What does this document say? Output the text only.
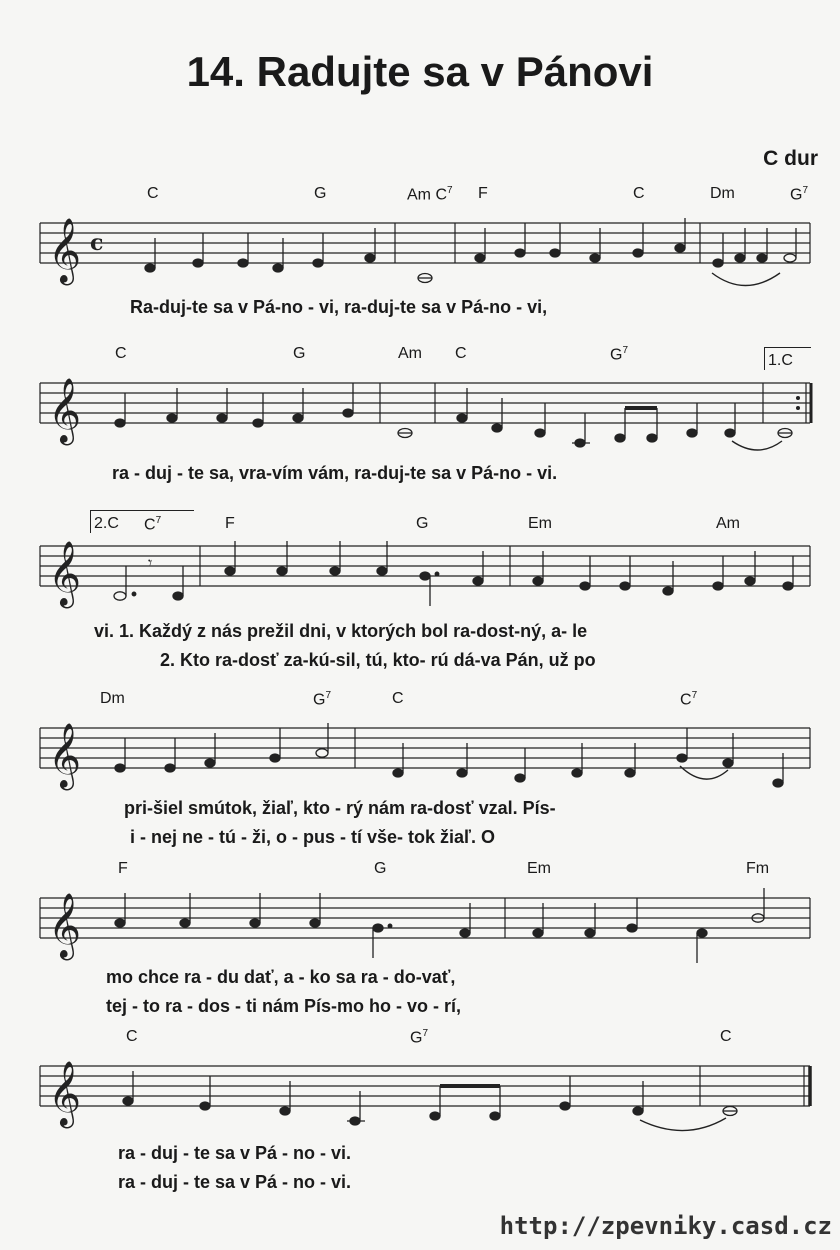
14. Radujte sa v Pánovi
C dur
C	G	Am $C^7$ F	C	Dm	$G^7$
𝄞 c
Ra-duj-te sa v Pá-no - vi, ra-duj-te sa v Pá-no - vi,
C	G	Am C	$G^7$
1.C
𝄞
ra - duj - te sa, vra-vím vám, ra-duj-te sa v Pá-no - vi.
2.C	$C^7$	F	G	Em	Am
𝄞	𝄾
vi. 1. Každý z nás prežil dni, v ktorých bol ra-dost-ný, a- le
2. Kto ra-dosť za-kú-sil, tú, kto- rú dá-va Pán, už po
Dm	$G^7$	C	$C^7$
𝄞
pri-šiel smútok, žiaľ, kto - rý nám ra-dosť vzal. Pís-
i - nej ne - tú - ži, o - pus - tí vše- tok žiaľ. O
F	G	Em	Fm
𝄞
mo chce ra - du dať, a - ko sa ra - do-vať,
tej - to ra - dos - ti nám Pís-mo ho - vo - rí,
C	$G^7$	C
𝄞
ra - duj - te sa v Pá - no - vi.
ra - duj - te sa v Pá - no - vi.
http://zpevniky.casd.cz
